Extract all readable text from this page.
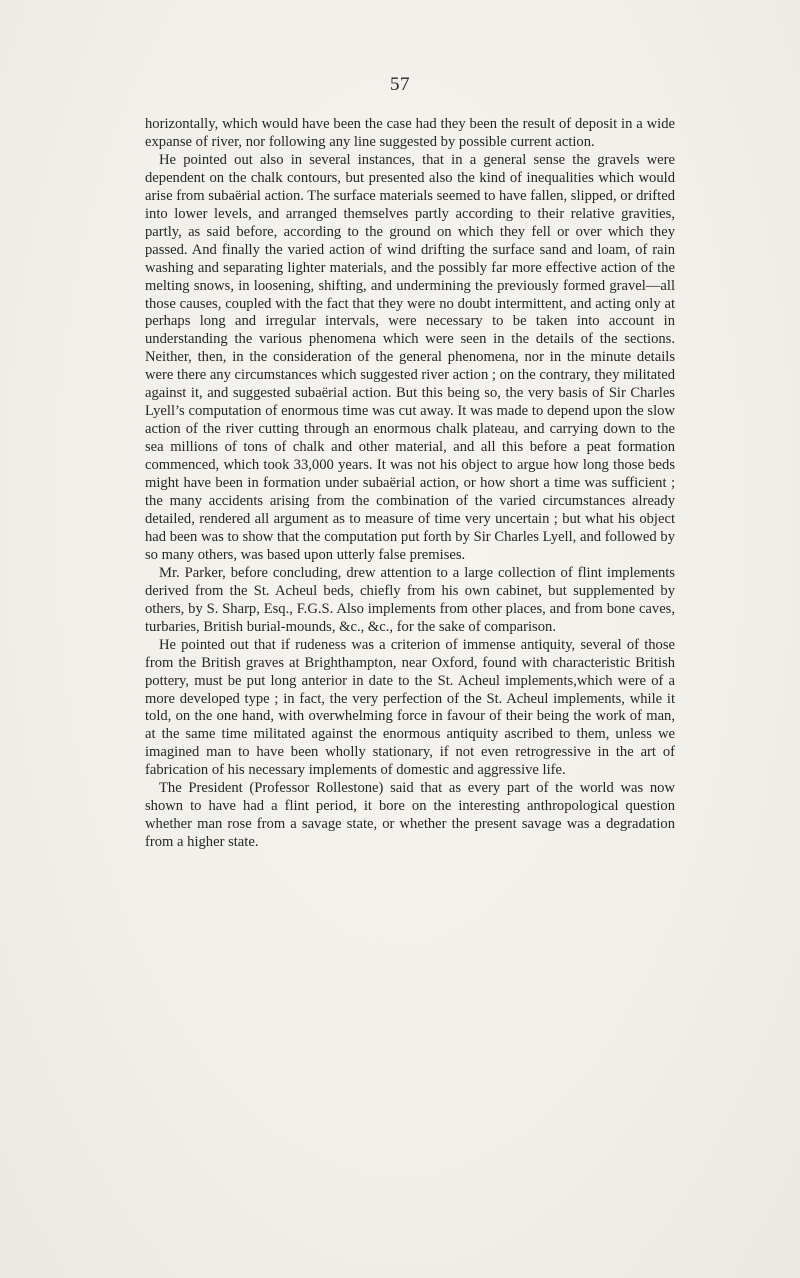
57

horizontally, which would have been the case had they been the result of deposit in a wide expanse of river, nor following any line suggested by possible current action.

He pointed out also in several instances, that in a general sense the gravels were dependent on the chalk contours, but presented also the kind of inequalities which would arise from subaërial action. The surface materials seemed to have fallen, slipped, or drifted into lower levels, and arranged themselves partly according to their relative gravities, partly, as said before, according to the ground on which they fell or over which they passed. And finally the varied action of wind drifting the surface sand and loam, of rain washing and separating lighter materials, and the possibly far more effective action of the melting snows, in loosening, shifting, and undermining the previously formed gravel—all those causes, coupled with the fact that they were no doubt intermittent, and acting only at perhaps long and irregular intervals, were necessary to be taken into account in understanding the various phenomena which were seen in the details of the sections. Neither, then, in the consideration of the general phenomena, nor in the minute details were there any circumstances which suggested river action ; on the contrary, they militated against it, and suggested subaërial action. But this being so, the very basis of Sir Charles Lyell’s computation of enormous time was cut away. It was made to depend upon the slow action of the river cutting through an enormous chalk plateau, and carrying down to the sea millions of tons of chalk and other material, and all this before a peat formation commenced, which took 33,000 years. It was not his object to argue how long those beds might have been in formation under subaërial action, or how short a time was sufficient ; the many accidents arising from the combination of the varied circumstances already detailed, rendered all argument as to measure of time very uncertain ; but what his object had been was to show that the computation put forth by Sir Charles Lyell, and followed by so many others, was based upon utterly false premises.

Mr. Parker, before concluding, drew attention to a large collection of flint implements derived from the St. Acheul beds, chiefly from his own cabinet, but supplemented by others, by S. Sharp, Esq., F.G.S. Also implements from other places, and from bone caves, turbaries, British burial-mounds, &c., &c., for the sake of comparison.

He pointed out that if rudeness was a criterion of immense antiquity, several of those from the British graves at Brighthampton, near Oxford, found with characteristic British pottery, must be put long anterior in date to the St. Acheul implements,which were of a more developed type ; in fact, the very perfection of the St. Acheul implements, while it told, on the one hand, with overwhelming force in favour of their being the work of man, at the same time militated against the enormous antiquity ascribed to them, unless we imagined man to have been wholly stationary, if not even retrogressive in the art of fabrication of his necessary implements of domestic and aggressive life.

The President (Professor Rollestone) said that as every part of the world was now shown to have had a flint period, it bore on the interesting anthropological question whether man rose from a savage state, or whether the present savage was a degradation from a higher state.
